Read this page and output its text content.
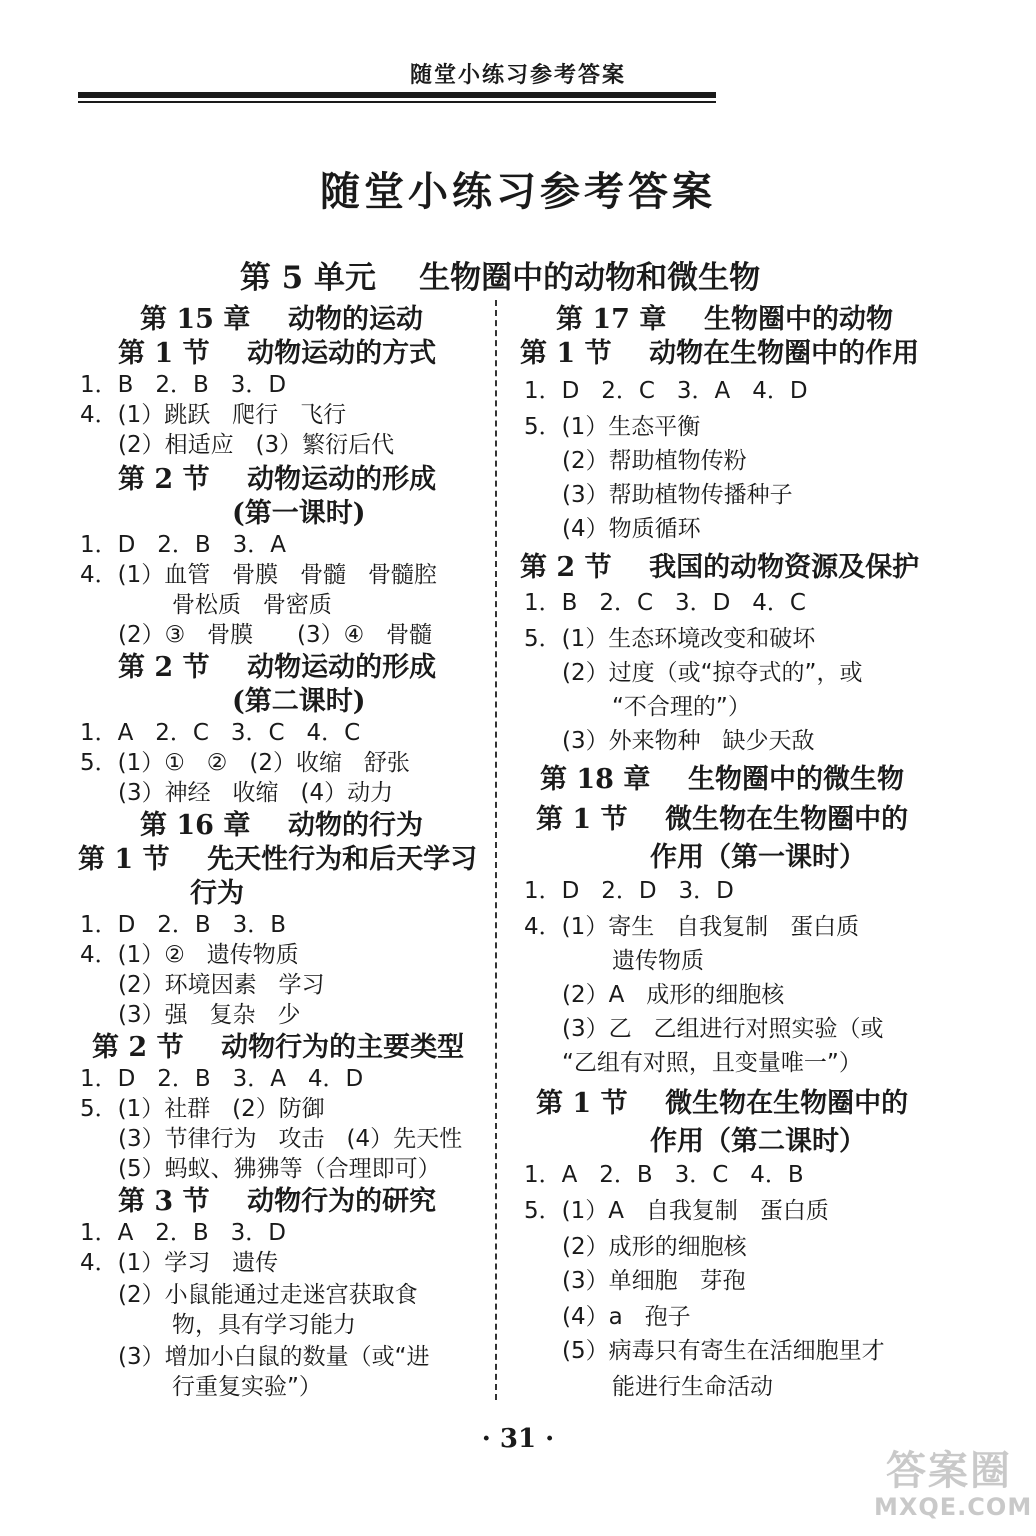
随堂小练习参考答案
随堂小练习参考答案
第 5 单元    生物圈中的动物和微生物
第 15 章    动物的运动
第 1 节    动物运动的方式
1．B   2．B   3．D
4．(1）跳跃   爬行   飞行
(2）相适应   (3）繁衍后代
第 2 节    动物运动的形成
(第一课时)
1．D   2．B   3．A
4．(1）血管   骨膜   骨髓   骨髓腔
骨松质   骨密质
(2）③   骨膜      (3）④   骨髓
第 2 节    动物运动的形成
(第二课时)
1．A   2．C   3．C   4．C
5．(1）①   ②   (2）收缩   舒张
(3）神经   收缩   (4）动力
第 16 章    动物的行为
第 1 节    先天性行为和后天学习
行为
1．D   2．B   3．B
4．(1）②   遗传物质
(2）环境因素   学习
(3）强   复杂   少
第 2 节    动物行为的主要类型
1．D   2．B   3．A   4．D
5．(1）社群   (2）防御
(3）节律行为   攻击   (4）先天性
(5）蚂蚁、狒狒等（合理即可）
第 3 节    动物行为的研究
1．A   2．B   3．D
4．(1）学习   遗传
(2）小鼠能通过走迷宫获取食
物，具有学习能力
(3）增加小白鼠的数量（或“进
行重复实验”）
第 17 章    生物圈中的动物
第 1 节    动物在生物圈中的作用
1．D   2．C   3．A   4．D
5．(1）生态平衡
(2）帮助植物传粉
(3）帮助植物传播种子
(4）物质循环
第 2 节    我国的动物资源及保护
1．B   2．C   3．D   4．C
5．(1）生态环境改变和破坏
(2）过度（或“掠夺式的”，或
“不合理的”）
(3）外来物种   缺少天敌
第 18 章    生物圈中的微生物
第 1 节    微生物在生物圈中的
作用（第一课时）
1．D   2．D   3．D
4．(1）寄生   自我复制   蛋白质
遗传物质
(2）A   成形的细胞核
(3）乙   乙组进行对照实验（或
“乙组有对照，且变量唯一”）
第 1 节    微生物在生物圈中的
作用（第二课时）
1．A   2．B   3．C   4．B
5．(1）A   自我复制   蛋白质
(2）成形的细胞核
(3）单细胞   芽孢
(4）a   孢子
(5）病毒只有寄生在活细胞里才
能进行生命活动
· 31 ·
答案圈
MXQE.COM
